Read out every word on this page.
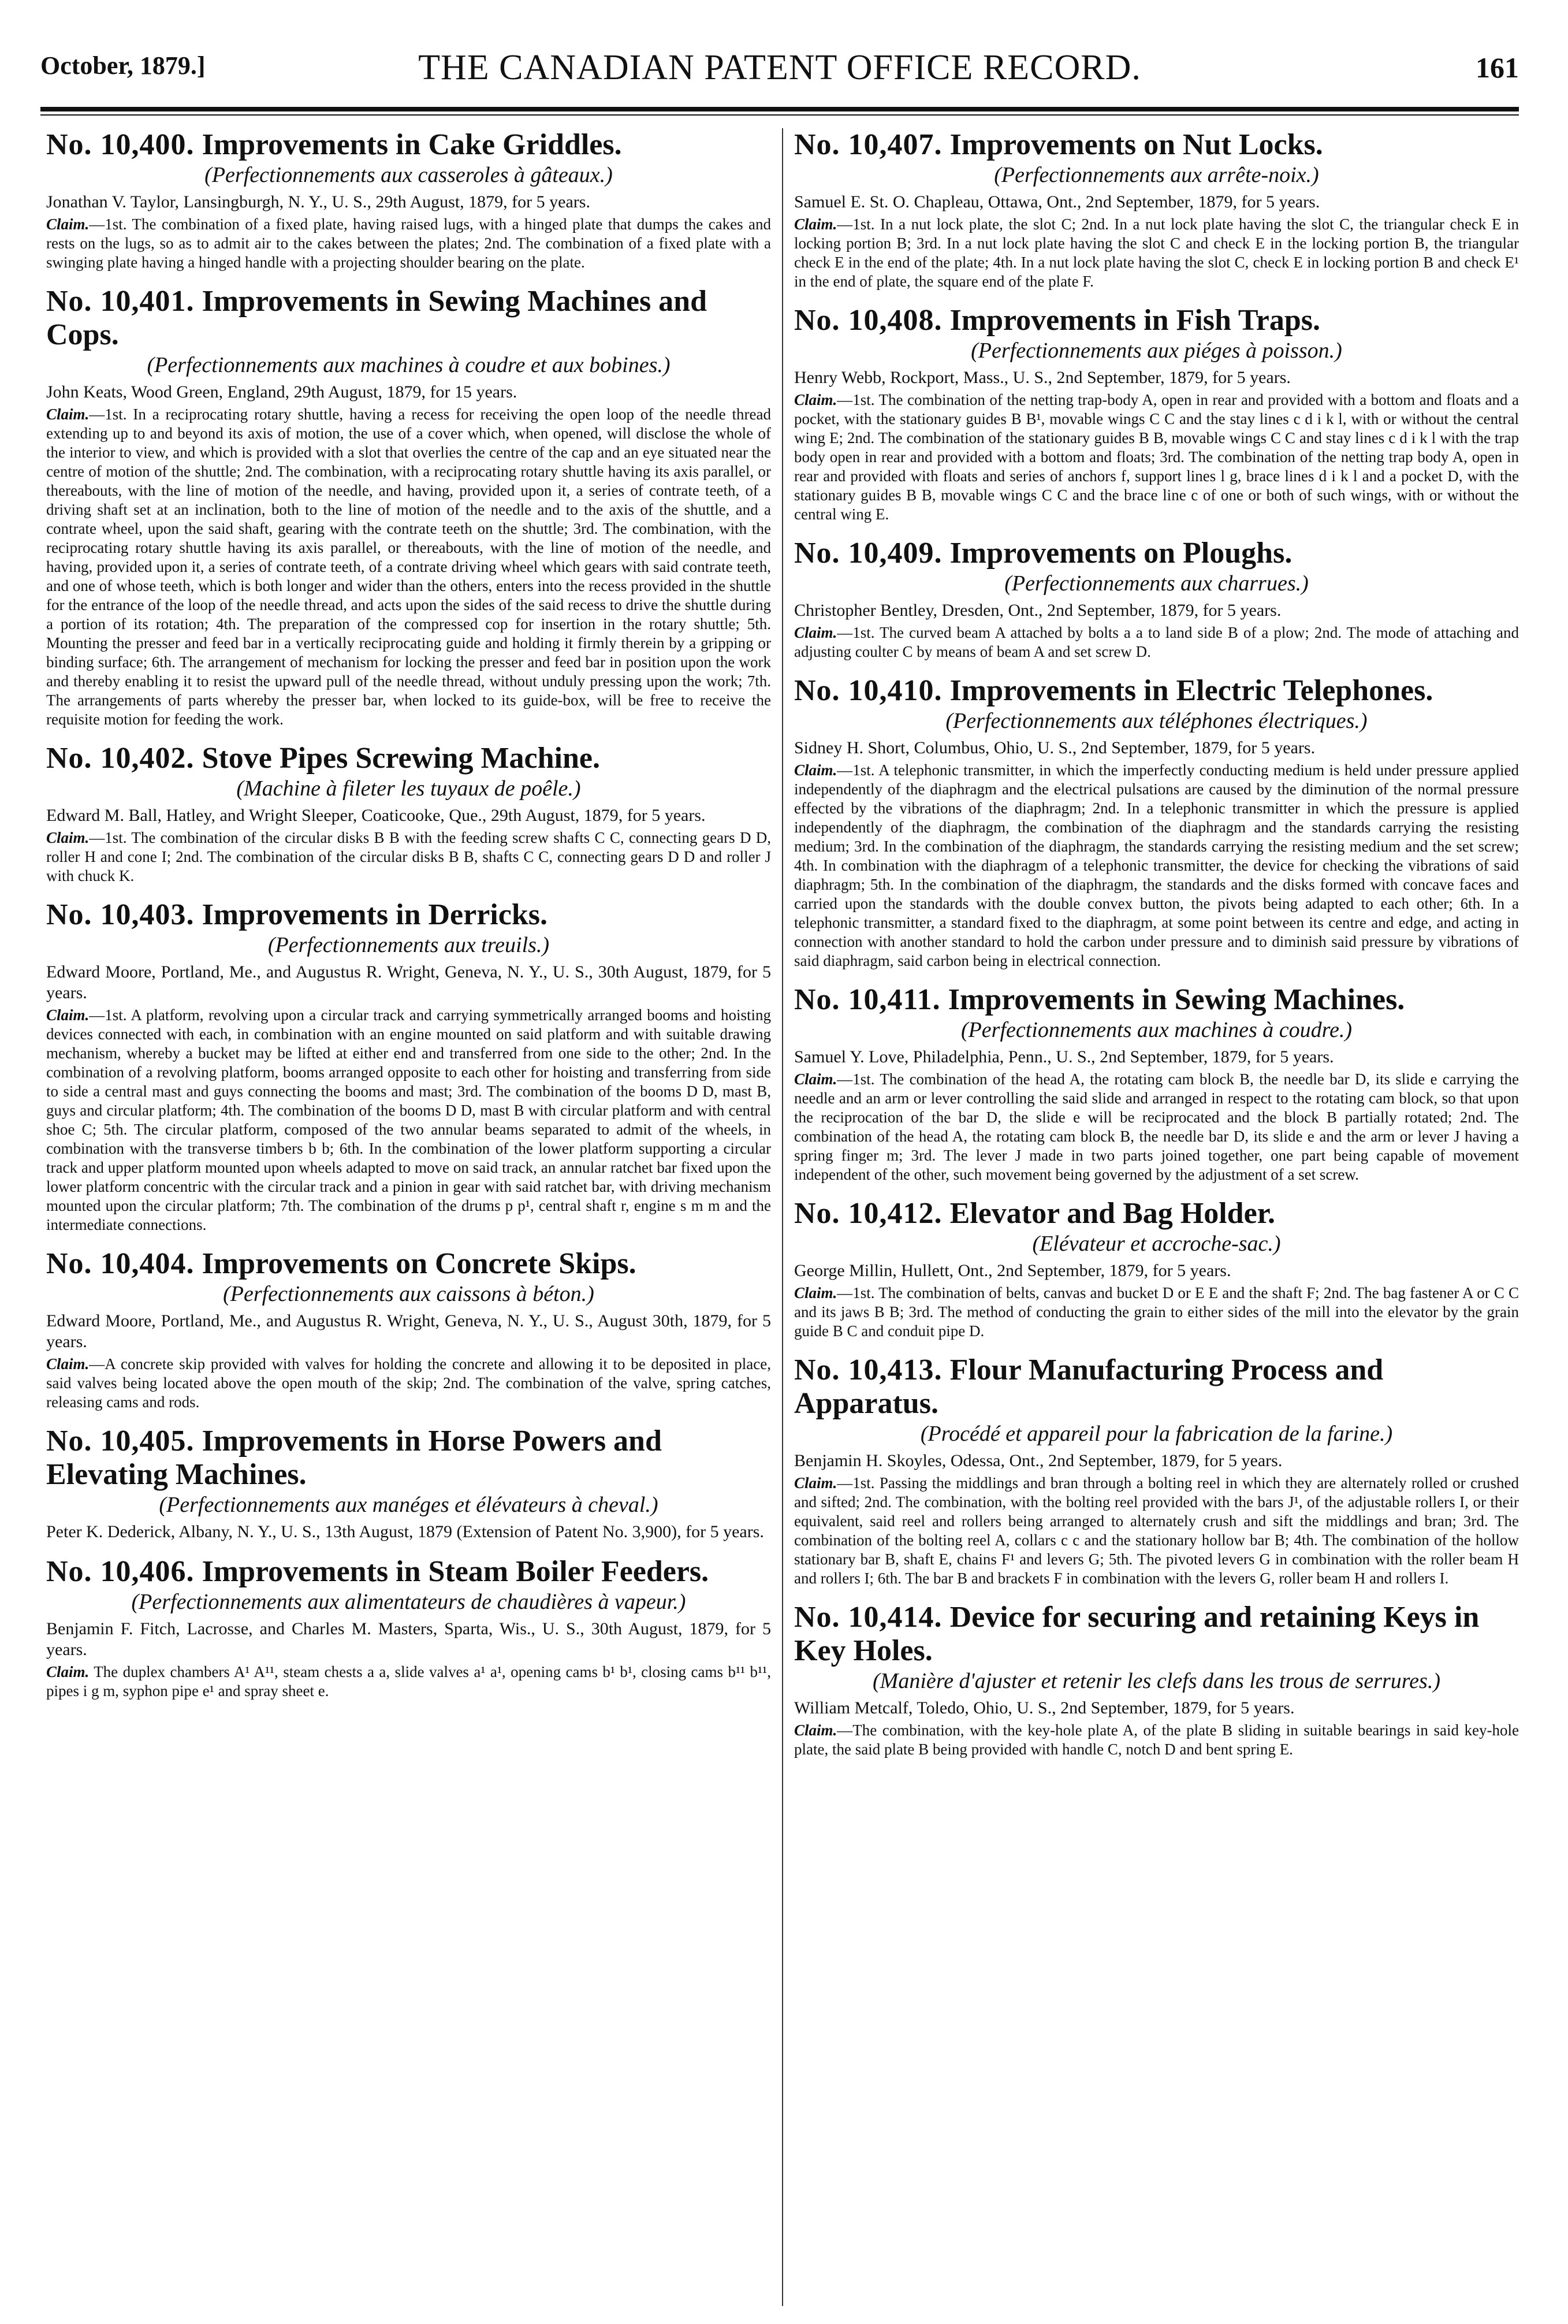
October, 1879.]	THE CANADIAN PATENT OFFICE RECORD.	161
No. 10,400. Improvements in Cake Griddles.
(Perfectionnements aux casseroles à gâteaux.)
Jonathan V. Taylor, Lansingburgh, N. Y., U. S., 29th August, 1879, for 5 years.
Claim.—1st. The combination of a fixed plate, having raised lugs, with a hinged plate that dumps the cakes and rests on the lugs, so as to admit air to the cakes between the plates; 2nd. The combination of a fixed plate with a swinging plate having a hinged handle with a projecting shoulder bearing on the plate.
No. 10,401. Improvements in Sewing Machines and Cops.
(Perfectionnements aux machines à coudre et aux bobines.)
John Keats, Wood Green, England, 29th August, 1879, for 15 years.
Claim.—1st. In a reciprocating rotary shuttle, having a recess for receiving the open loop of the needle thread extending up to and beyond its axis of motion, the use of a cover which, when opened, will disclose the whole of the interior to view, and which is provided with a slot that overlies the centre of the cap and an eye situated near the centre of motion of the shuttle; 2nd. The combination, with a reciprocating rotary shuttle having its axis parallel, or thereabouts, with the line of motion of the needle, and having, provided upon it, a series of contrate teeth, of a driving shaft set at an inclination, both to the line of motion of the needle and to the axis of the shuttle, and a contrate wheel, upon the said shaft, gearing with the contrate teeth on the shuttle; 3rd. The combination, with the reciprocating rotary shuttle having its axis parallel, or thereabouts, with the line of motion of the needle, and having, provided upon it, a series of contrate teeth, of a contrate driving wheel which gears with said contrate teeth, and one of whose teeth, which is both longer and wider than the others, enters into the recess provided in the shuttle for the entrance of the loop of the needle thread, and acts upon the sides of the said recess to drive the shuttle during a portion of its rotation; 4th. The preparation of the compressed cop for insertion in the rotary shuttle; 5th. Mounting the presser and feed bar in a vertically reciprocating guide and holding it firmly therein by a gripping or binding surface; 6th. The arrangement of mechanism for locking the presser and feed bar in position upon the work and thereby enabling it to resist the upward pull of the needle thread, without unduly pressing upon the work; 7th. The arrangements of parts whereby the presser bar, when locked to its guide-box, will be free to receive the requisite motion for feeding the work.
No. 10,402. Stove Pipes Screwing Machine.
(Machine à fileter les tuyaux de poêle.)
Edward M. Ball, Hatley, and Wright Sleeper, Coaticooke, Que., 29th August, 1879, for 5 years.
Claim.—1st. The combination of the circular disks B B with the feeding screw shafts C C, connecting gears D D, roller H and cone I; 2nd. The combination of the circular disks B B, shafts C C, connecting gears D D and roller J with chuck K.
No. 10,403. Improvements in Derricks.
(Perfectionnements aux treuils.)
Edward Moore, Portland, Me., and Augustus R. Wright, Geneva, N. Y., U. S., 30th August, 1879, for 5 years.
Claim.—1st. A platform, revolving upon a circular track and carrying symmetrically arranged booms and hoisting devices connected with each, in combination with an engine mounted on said platform and with suitable drawing mechanism, whereby a bucket may be lifted at either end and transferred from one side to the other; 2nd. In the combination of a revolving platform, booms arranged opposite to each other for hoisting and transferring from side to side a central mast and guys connecting the booms and mast; 3rd. The combination of the booms D D, mast B, guys and circular platform; 4th. The combination of the booms D D, mast B with circular platform and with central shoe C; 5th. The circular platform, composed of the two annular beams separated to admit of the wheels, in combination with the transverse timbers b b; 6th. In the combination of the lower platform supporting a circular track and upper platform mounted upon wheels adapted to move on said track, an annular ratchet bar fixed upon the lower platform concentric with the circular track and a pinion in gear with said ratchet bar, with driving mechanism mounted upon the circular platform; 7th. The combination of the drums p p¹, central shaft r, engine s m m and the intermediate connections.
No. 10,404. Improvements on Concrete Skips.
(Perfectionnements aux caissons à béton.)
Edward Moore, Portland, Me., and Augustus R. Wright, Geneva, N. Y., U. S., August 30th, 1879, for 5 years.
Claim.—A concrete skip provided with valves for holding the concrete and allowing it to be deposited in place, said valves being located above the open mouth of the skip; 2nd. The combination of the valve, spring catches, releasing cams and rods.
No. 10,405. Improvements in Horse Powers and Elevating Machines.
(Perfectionnements aux manéges et élévateurs à cheval.)
Peter K. Dederick, Albany, N. Y., U. S., 13th August, 1879 (Extension of Patent No. 3,900), for 5 years.
No. 10,406. Improvements in Steam Boiler Feeders.
(Perfectionnements aux alimentateurs de chaudières à vapeur.)
Benjamin F. Fitch, Lacrosse, and Charles M. Masters, Sparta, Wis., U. S., 30th August, 1879, for 5 years.
Claim. The duplex chambers A¹ A¹¹, steam chests a a, slide valves a¹ a¹, opening cams b¹ b¹, closing cams b¹¹ b¹¹, pipes i g m, syphon pipe e¹ and spray sheet e.
No. 10,407. Improvements on Nut Locks.
(Perfectionnements aux arrête-noix.)
Samuel E. St. O. Chapleau, Ottawa, Ont., 2nd September, 1879, for 5 years.
Claim.—1st. In a nut lock plate, the slot C; 2nd. In a nut lock plate having the slot C, the triangular check E in locking portion B; 3rd. In a nut lock plate having the slot C and check E in the locking portion B, the triangular check E in the end of the plate; 4th. In a nut lock plate having the slot C, check E in locking portion B and check E¹ in the end of plate, the square end of the plate F.
No. 10,408. Improvements in Fish Traps.
(Perfectionnements aux piéges à poisson.)
Henry Webb, Rockport, Mass., U. S., 2nd September, 1879, for 5 years.
Claim.—1st. The combination of the netting trap-body A, open in rear and provided with a bottom and floats and a pocket, with the stationary guides B B¹, movable wings C C and the stay lines c d i k l, with or without the central wing E; 2nd. The combination of the stationary guides B B, movable wings C C and stay lines c d i k l with the trap body open in rear and provided with a bottom and floats; 3rd. The combination of the netting trap body A, open in rear and provided with floats and series of anchors f, support lines l g, brace lines d i k l and a pocket D, with the stationary guides B B, movable wings C C and the brace line c of one or both of such wings, with or without the central wing E.
No. 10,409. Improvements on Ploughs.
(Perfectionnements aux charrues.)
Christopher Bentley, Dresden, Ont., 2nd September, 1879, for 5 years.
Claim.—1st. The curved beam A attached by bolts a a to land side B of a plow; 2nd. The mode of attaching and adjusting coulter C by means of beam A and set screw D.
No. 10,410. Improvements in Electric Telephones.
(Perfectionnements aux téléphones électriques.)
Sidney H. Short, Columbus, Ohio, U. S., 2nd September, 1879, for 5 years.
Claim.—1st. A telephonic transmitter, in which the imperfectly conducting medium is held under pressure applied independently of the diaphragm and the electrical pulsations are caused by the diminution of the normal pressure effected by the vibrations of the diaphragm; 2nd. In a telephonic transmitter in which the pressure is applied independently of the diaphragm, the combination of the diaphragm and the standards carrying the resisting medium; 3rd. In the combination of the diaphragm, the standards carrying the resisting medium and the set screw; 4th. In combination with the diaphragm of a telephonic transmitter, the device for checking the vibrations of said diaphragm; 5th. In the combination of the diaphragm, the standards and the disks formed with concave faces and carried upon the standards with the double convex button, the pivots being adapted to each other; 6th. In a telephonic transmitter, a standard fixed to the diaphragm, at some point between its centre and edge, and acting in connection with another standard to hold the carbon under pressure and to diminish said pressure by vibrations of said diaphragm, said carbon being in electrical connection.
No. 10,411. Improvements in Sewing Machines.
(Perfectionnements aux machines à coudre.)
Samuel Y. Love, Philadelphia, Penn., U. S., 2nd September, 1879, for 5 years.
Claim.—1st. The combination of the head A, the rotating cam block B, the needle bar D, its slide e carrying the needle and an arm or lever controlling the said slide and arranged in respect to the rotating cam block, so that upon the reciprocation of the bar D, the slide e will be reciprocated and the block B partially rotated; 2nd. The combination of the head A, the rotating cam block B, the needle bar D, its slide e and the arm or lever J having a spring finger m; 3rd. The lever J made in two parts joined together, one part being capable of movement independent of the other, such movement being governed by the adjustment of a set screw.
No. 10,412. Elevator and Bag Holder.
(Elévateur et accroche-sac.)
George Millin, Hullett, Ont., 2nd September, 1879, for 5 years.
Claim.—1st. The combination of belts, canvas and bucket D or E E and the shaft F; 2nd. The bag fastener A or C C and its jaws B B; 3rd. The method of conducting the grain to either sides of the mill into the elevator by the grain guide B C and conduit pipe D.
No. 10,413. Flour Manufacturing Process and Apparatus.
(Procédé et appareil pour la fabrication de la farine.)
Benjamin H. Skoyles, Odessa, Ont., 2nd September, 1879, for 5 years.
Claim.—1st. Passing the middlings and bran through a bolting reel in which they are alternately rolled or crushed and sifted; 2nd. The combination, with the bolting reel provided with the bars J¹, of the adjustable rollers I, or their equivalent, said reel and rollers being arranged to alternately crush and sift the middlings and bran; 3rd. The combination of the bolting reel A, collars c c and the stationary hollow bar B; 4th. The combination of the hollow stationary bar B, shaft E, chains F¹ and levers G; 5th. The pivoted levers G in combination with the roller beam H and rollers I; 6th. The bar B and brackets F in combination with the levers G, roller beam H and rollers I.
No. 10,414. Device for securing and retaining Keys in Key Holes.
(Manière d'ajuster et retenir les clefs dans les trous de serrures.)
William Metcalf, Toledo, Ohio, U. S., 2nd September, 1879, for 5 years.
Claim.—The combination, with the key-hole plate A, of the plate B sliding in suitable bearings in said key-hole plate, the said plate B being provided with handle C, notch D and bent spring E.
